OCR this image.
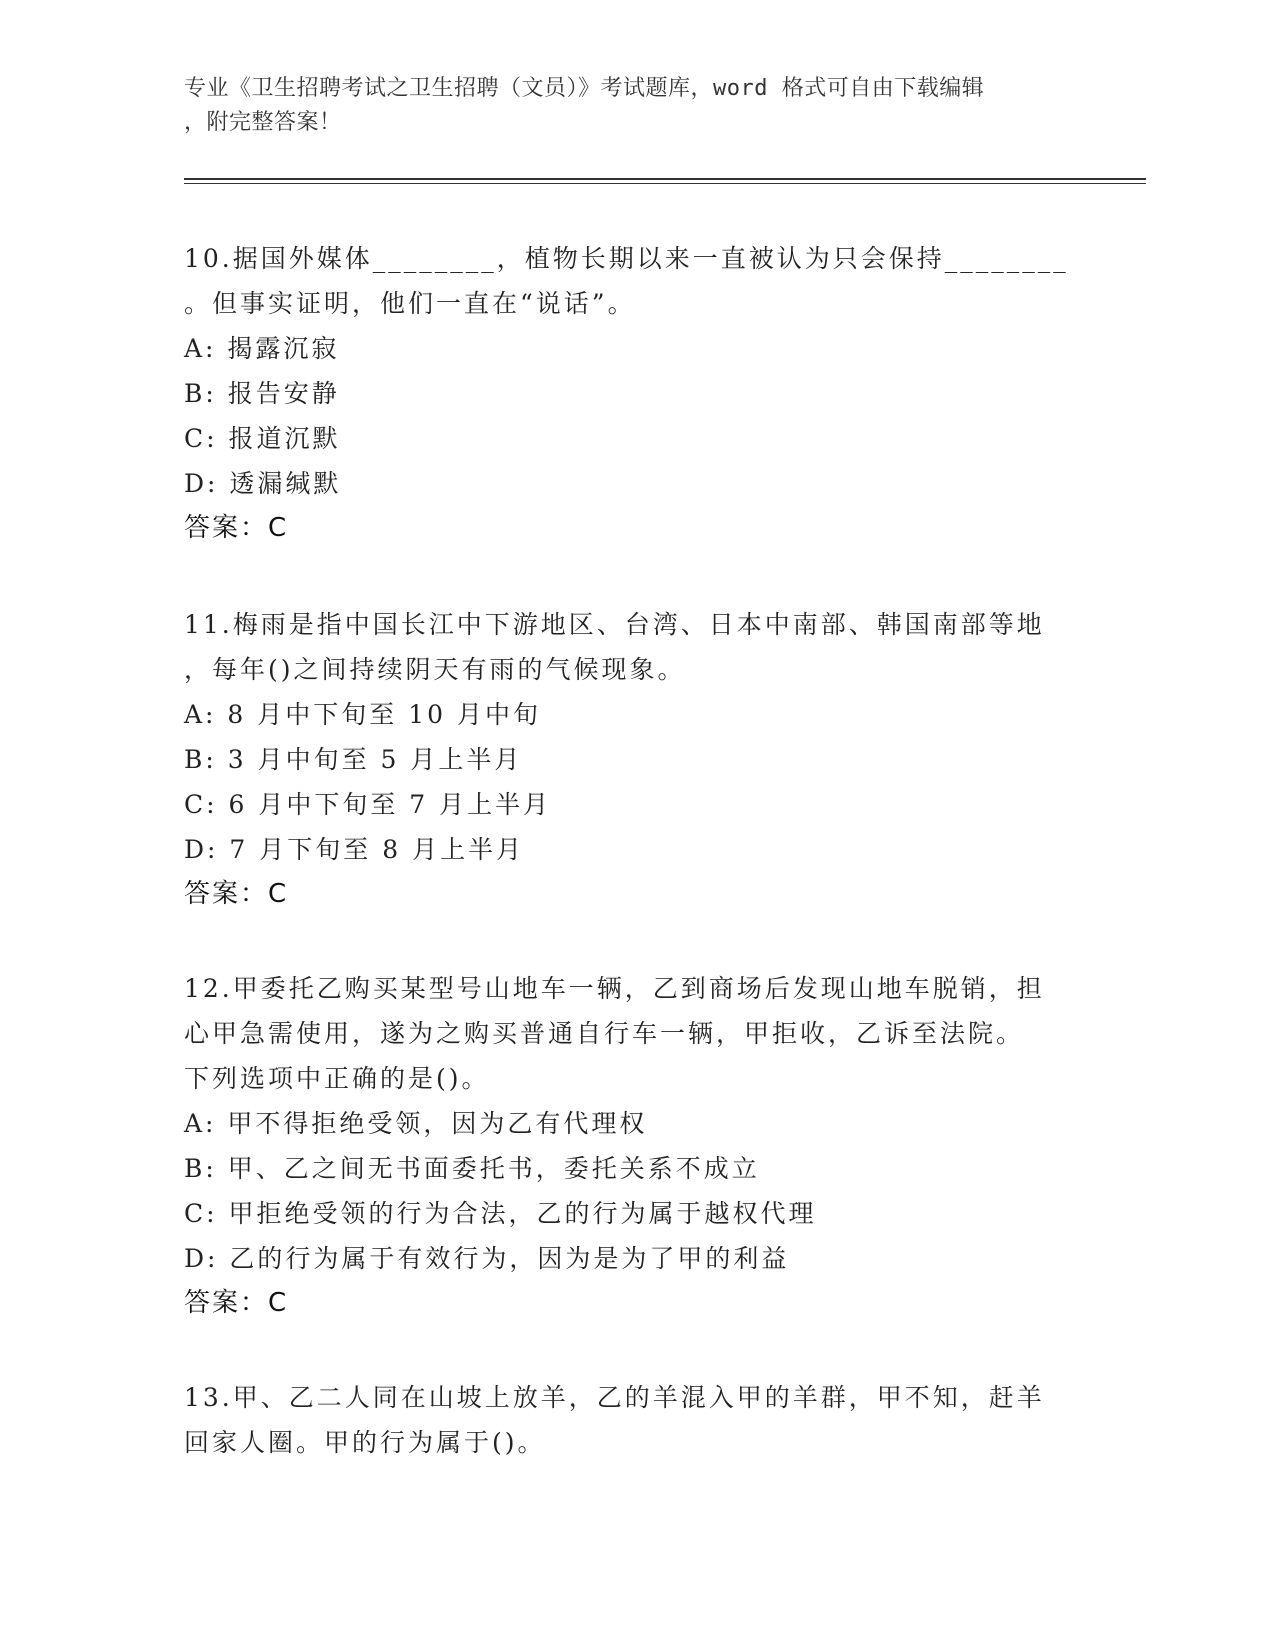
专业《卫生招聘考试之卫生招聘（文员）》考试题库，word 格式可自由下载编辑
，附完整答案！
10.据国外媒体________，植物长期以来一直被认为只会保持________
。但事实证明，他们一直在“说话”。
A: 揭露沉寂
B: 报告安静
C: 报道沉默
D: 透漏缄默
答案：C
11.梅雨是指中国长江中下游地区、台湾、日本中南部、韩国南部等地
，每年()之间持续阴天有雨的气候现象。
A: 8 月中下旬至 10 月中旬
B: 3 月中旬至 5 月上半月
C: 6 月中下旬至 7 月上半月
D: 7 月下旬至 8 月上半月
答案：C
12.甲委托乙购买某型号山地车一辆，乙到商场后发现山地车脱销，担
心甲急需使用，遂为之购买普通自行车一辆，甲拒收，乙诉至法院。
下列选项中正确的是()。
A: 甲不得拒绝受领，因为乙有代理权
B: 甲、乙之间无书面委托书，委托关系不成立
C: 甲拒绝受领的行为合法，乙的行为属于越权代理
D: 乙的行为属于有效行为，因为是为了甲的利益
答案：C
13.甲、乙二人同在山坡上放羊，乙的羊混入甲的羊群，甲不知，赶羊
回家人圈。甲的行为属于()。
